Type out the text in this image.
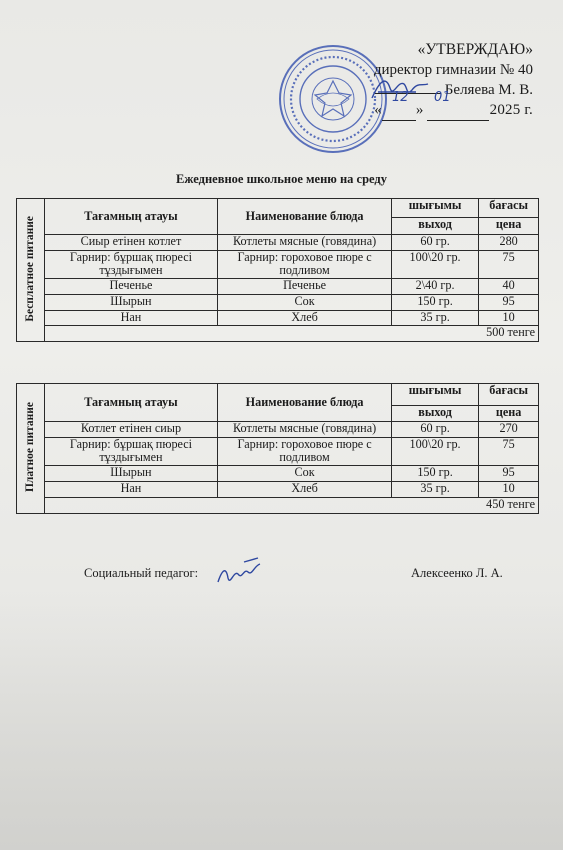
«УТВЕРЖДАЮ»
директор гимназии № 40
Беляева М. В.
« »	2025 г.
12 01
Ежедневное школьное меню на среду
Бесплатное питание	Тағамның атауы	Наименование блюда	шығымы	бағасы
			выход	цена
	Сиыр етінен котлет	Котлеты мясные (говядина)	60 гр.	280
	Гарнир: бұршақ пюресі тұздығымен	Гарнир: гороховое пюре с подливом	100\20 гр.	75
	Печенье	Печенье	2\40 гр.	40
	Шырын	Сок	150 гр.	95
	Нан	Хлеб	35 гр.	10
	500 тенге			
Платное питание	Тағамның атауы	Наименование блюда	шығымы	бағасы
			выход	цена
	Котлет етінен сиыр	Котлеты мясные (говядина)	60 гр.	270
	Гарнир: бұршақ пюресі тұздығымен	Гарнир: гороховое пюре с подливом	100\20 гр.	75
	Шырын	Сок	150 гр.	95
	Нан	Хлеб	35 гр.	10
	450 тенге			
Социальный педагог:	Алексеенко Л. А.
